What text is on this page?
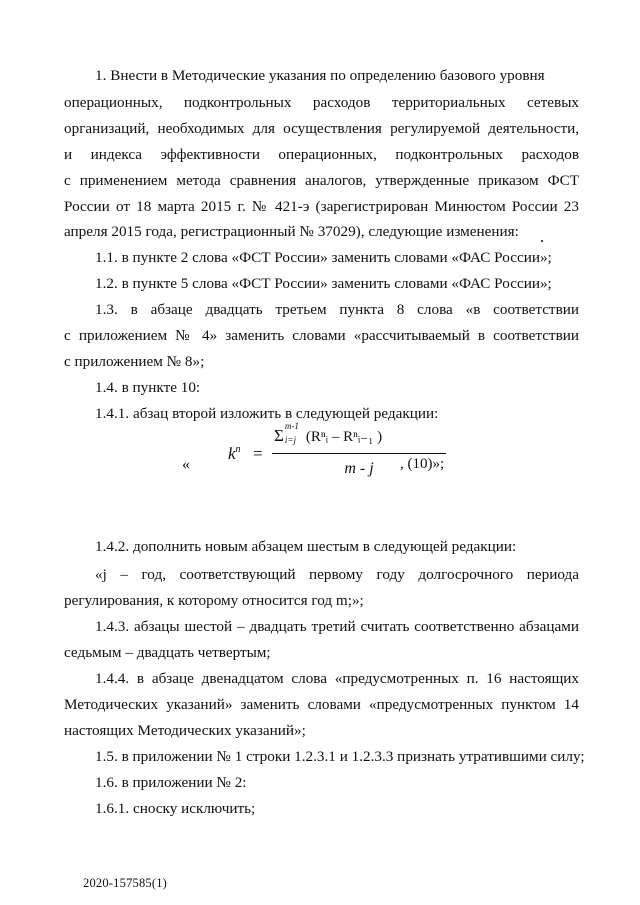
1. Внести в Методические указания по определению базового уровня
операционных, подконтрольных расходов территориальных сетевых
организаций, необходимых для осуществления регулируемой деятельности,
и индекса эффективности операционных, подконтрольных расходов
с применением метода сравнения аналогов, утвержденные приказом ФСТ
России от 18 марта 2015 г. № 421-э (зарегистрирован Минюстом России 23
апреля 2015 года, регистрационный № 37029), следующие изменения:
1.1. в пункте 2 слова «ФСТ России» заменить словами «ФАС России»;
1.2. в пункте 5 слова «ФСТ России» заменить словами «ФАС России»;
1.3. в абзаце двадцать третьем пункта 8 слова «в соответствии
с приложением № 4» заменить словами «рассчитываемый в соответствии
с приложением № 8»;
1.4. в пункте 10:
1.4.1. абзац второй изложить в следующей редакции:
«
$k^n$ =
Σ m-1
i=j (Rⁿᵢ – Rⁿᵢ₋₁ )
m - j	, (10)»;
1.4.2. дополнить новым абзацем шестым в следующей редакции:
«j – год, соответствующий первому году долгосрочного периода
регулирования, к которому относится год m;»;
1.4.3. абзацы шестой – двадцать третий считать соответственно абзацами
седьмым – двадцать четвертым;
1.4.4. в абзаце двенадцатом слова «предусмотренных п. 16 настоящих
Методических указаний» заменить словами «предусмотренных пунктом 14
настоящих Методических указаний»;
1.5. в приложении № 1 строки 1.2.3.1 и 1.2.3.3 признать утратившими силу;
1.6. в приложении № 2:
1.6.1. сноску исключить;
2020-157585(1)
